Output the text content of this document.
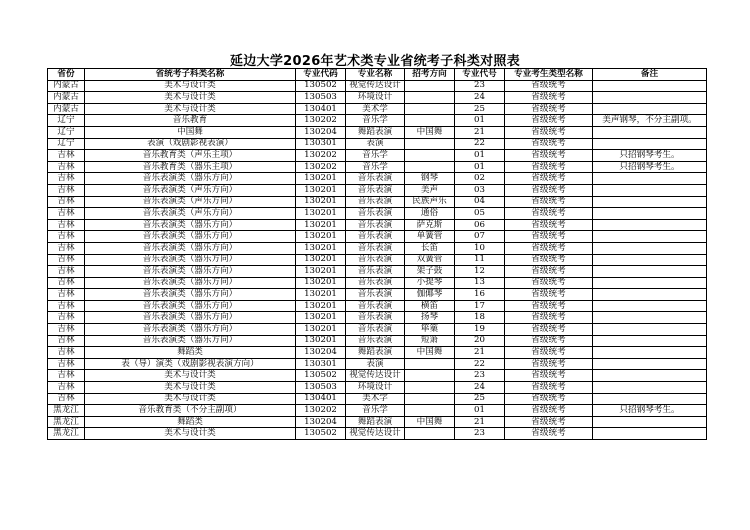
延边大学2026年艺术类专业省统考子科类对照表
省份	省统考子科类名称	专业代码	专业名称	招考方向	专业代号	专业考生类型名称	备注
内蒙古	美术与设计类	130502	视觉传达设计		23	省级统考	
内蒙古	美术与设计类	130503	环境设计		24	省级统考	
内蒙古	美术与设计类	130401	美术学		25	省级统考	
辽宁	音乐教育	130202	音乐学		01	省级统考	美声钢琴，不分主副项。
辽宁	中国舞	130204	舞蹈表演	中国舞	21	省级统考	
辽宁	表演（戏剧影视表演）	130301	表演		22	省级统考	
吉林	音乐教育类（声乐主项）	130202	音乐学		01	省级统考	只招钢琴考生。
吉林	音乐教育类（器乐主项）	130202	音乐学		01	省级统考	只招钢琴考生。
吉林	音乐表演类（器乐方向）	130201	音乐表演	钢琴	02	省级统考	
吉林	音乐表演类（声乐方向）	130201	音乐表演	美声	03	省级统考	
吉林	音乐表演类（声乐方向）	130201	音乐表演	民族声乐	04	省级统考	
吉林	音乐表演类（声乐方向）	130201	音乐表演	通俗	05	省级统考	
吉林	音乐表演类（器乐方向）	130201	音乐表演	萨克斯	06	省级统考	
吉林	音乐表演类（器乐方向）	130201	音乐表演	单簧管	07	省级统考	
吉林	音乐表演类（器乐方向）	130201	音乐表演	长笛	10	省级统考	
吉林	音乐表演类（器乐方向）	130201	音乐表演	双簧管	11	省级统考	
吉林	音乐表演类（器乐方向）	130201	音乐表演	架子鼓	12	省级统考	
吉林	音乐表演类（器乐方向）	130201	音乐表演	小提琴	13	省级统考	
吉林	音乐表演类（器乐方向）	130201	音乐表演	伽倻琴	16	省级统考	
吉林	音乐表演类（器乐方向）	130201	音乐表演	横笛	17	省级统考	
吉林	音乐表演类（器乐方向）	130201	音乐表演	扬琴	18	省级统考	
吉林	音乐表演类（器乐方向）	130201	音乐表演	筚篥	19	省级统考	
吉林	音乐表演类（器乐方向）	130201	音乐表演	短箫	20	省级统考	
吉林	舞蹈类	130204	舞蹈表演	中国舞	21	省级统考	
吉林	表（导）演类（戏剧影视表演方向）	130301	表演		22	省级统考	
吉林	美术与设计类	130502	视觉传达设计		23	省级统考	
吉林	美术与设计类	130503	环境设计		24	省级统考	
吉林	美术与设计类	130401	美术学		25	省级统考	
黑龙江	音乐教育类（不分主副项）	130202	音乐学		01	省级统考	只招钢琴考生。
黑龙江	舞蹈类	130204	舞蹈表演	中国舞	21	省级统考	
黑龙江	美术与设计类	130502	视觉传达设计		23	省级统考	
